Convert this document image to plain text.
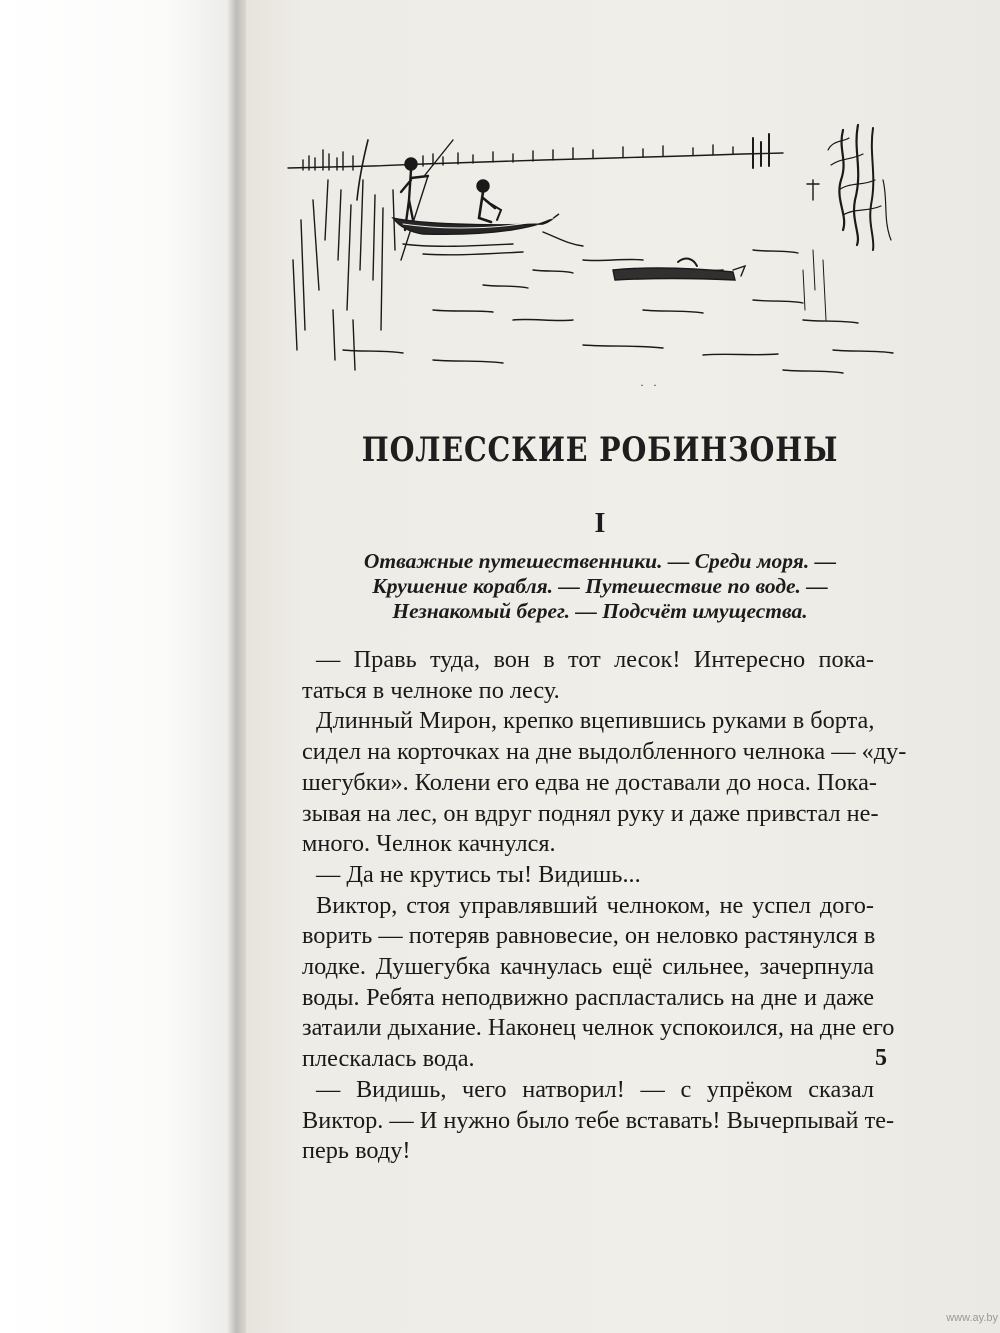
· ·
ПОЛЕССКИЕ РОБИНЗОНЫ
I
Отважные путешественники. — Среди моря. —
Крушение корабля. — Путешествие по воде. —
Незнакомый берег. — Подсчёт имущества.
— Правь туда, вон в тот лесок! Интересно пока-
таться в челноке по лесу.
Длинный Мирон, крепко вцепившись руками в борта,
сидел на корточках на дне выдолбленного челнока — «ду-
шегубки». Колени его едва не доставали до носа. Пока-
зывая на лес, он вдруг поднял руку и даже привстал не-
много. Челнок качнулся.
— Да не крутись ты! Видишь...
Виктор, стоя управлявший челноком, не успел дого-
ворить — потеряв равновесие, он неловко растянулся в
лодке. Душегубка качнулась ещё сильнее, зачерпнула
воды. Ребята неподвижно распластались на дне и даже
затаили дыхание. Наконец челнок успокоился, на дне его
плескалась вода.
— Видишь, чего натворил! — с упрёком сказал
Виктор. — И нужно было тебе вставать! Вычерпывай те-
перь воду!
5
www.ay.by
